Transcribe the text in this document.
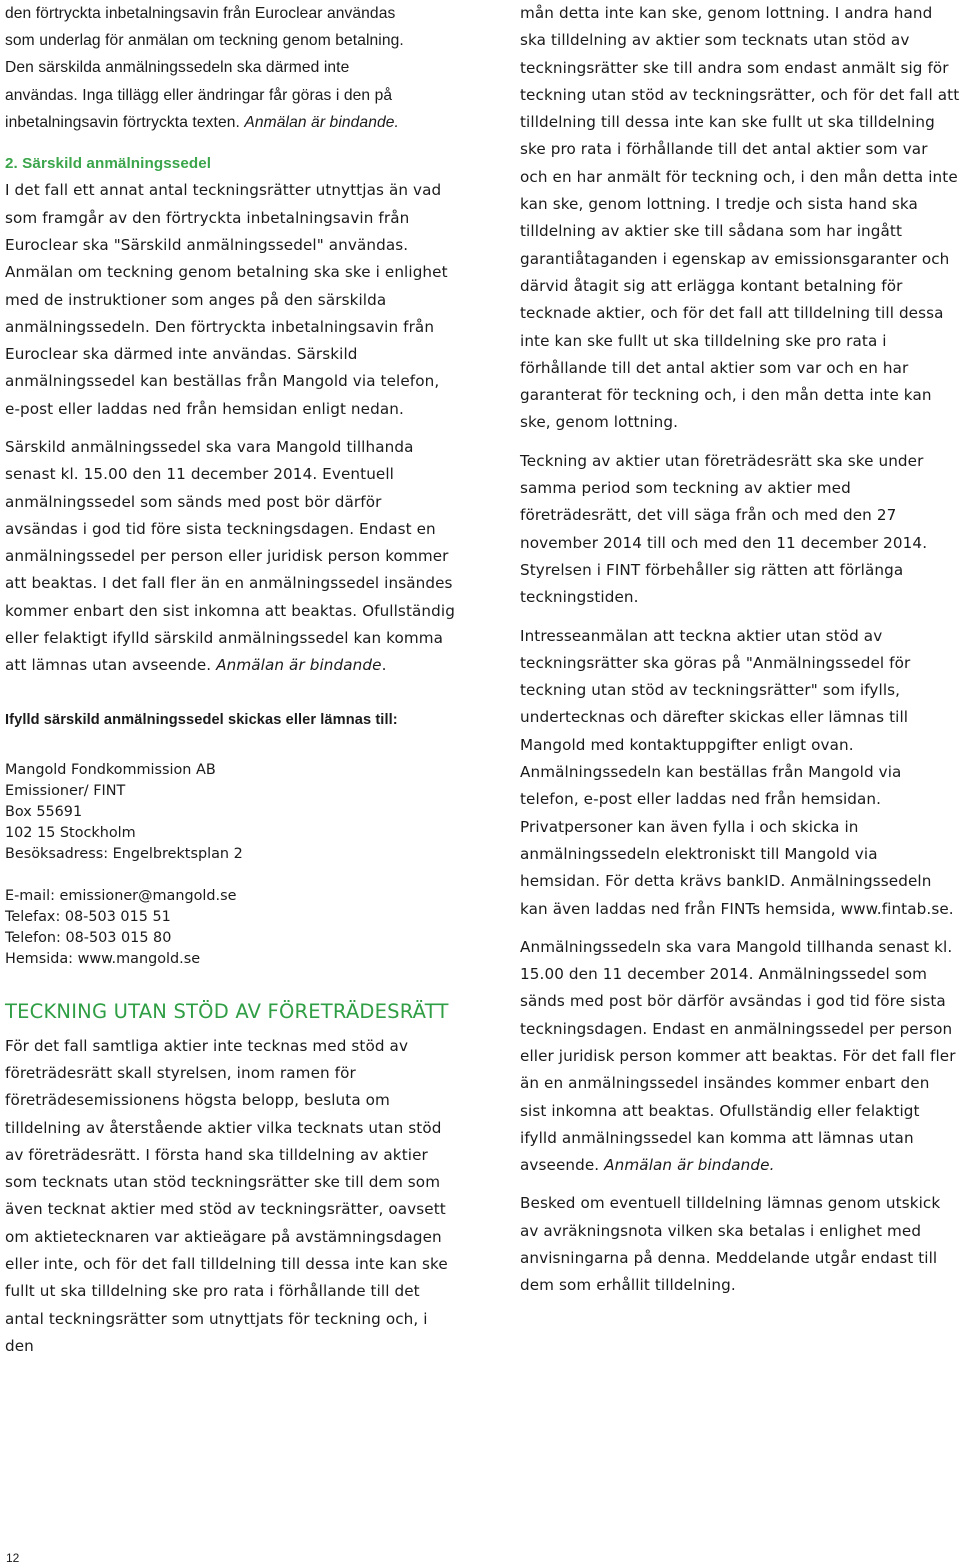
den förtryckta inbetalningsavin från Euroclear användas som underlag för anmälan om teckning genom betalning. Den särskilda anmälningssedeln ska därmed inte användas. Inga tillägg eller ändringar får göras i den på inbetalningsavin förtryckta texten. Anmälan är bindande.

2. Särskild anmälningssedel
I det fall ett annat antal teckningsrätter utnyttjas än vad som framgår av den förtryckta inbetalningsavin från Euroclear ska "Särskild anmälningssedel" användas. Anmälan om teckning genom betalning ska ske i enlighet med de instruktioner som anges på den särskilda anmälningssedeln. Den förtryckta inbetalningsavin från Euroclear ska därmed inte användas. Särskild anmälningssedel kan beställas från Mangold via telefon, e-post eller laddas ned från hemsidan enligt nedan.

Särskild anmälningssedel ska vara Mangold tillhanda senast kl. 15.00 den 11 december 2014. Eventuell anmälningssedel som sänds med post bör därför avsändas i god tid före sista teckningsdagen. Endast en anmälningssedel per person eller juridisk person kommer att beaktas. I det fall fler än en anmälningssedel insändes kommer enbart den sist inkomna att beaktas. Ofullständig eller felaktigt ifylld särskild anmälningssedel kan komma att lämnas utan avseende. Anmälan är bindande.

Ifylld särskild anmälningssedel skickas eller lämnas till:

Mangold Fondkommission AB
Emissioner/ FINT
Box 55691
102 15 Stockholm
Besöksadress: Engelbrektsplan 2
E-mail: emissioner@mangold.se
Telefax: 08-503 015 51
Telefon: 08-503 015 80
Hemsida: www.mangold.se
TECKNING UTAN STÖD AV FÖRETRÄDESRÄTT

För det fall samtliga aktier inte tecknas med stöd av företrädesrätt skall styrelsen, inom ramen för företrädesemissionens högsta belopp, besluta om tilldelning av återstående aktier vilka tecknats utan stöd av företrädesrätt. I första hand ska tilldelning av aktier som tecknats utan stöd teckningsrätter ske till dem som även tecknat aktier med stöd av teckningsrätter, oavsett om aktietecknaren var aktieägare på avstämningsdagen eller inte, och för det fall tilldelning till dessa inte kan ske fullt ut ska tilldelning ske pro rata i förhållande till det antal teckningsrätter som utnyttjats för teckning och, i den

mån detta inte kan ske, genom lottning. I andra hand ska tilldelning av aktier som tecknats utan stöd av teckningsrätter ske till andra som endast anmält sig för teckning utan stöd av teckningsrätter, och för det fall att tilldelning till dessa inte kan ske fullt ut ska tilldelning ske pro rata i förhållande till det antal aktier som var och en har anmält för teckning och, i den mån detta inte kan ske, genom lottning. I tredje och sista hand ska tilldelning av aktier ske till sådana som har ingått garantiåtaganden i egenskap av emissionsgaranter och därvid åtagit sig att erlägga kontant betalning för tecknade aktier, och för det fall att tilldelning till dessa inte kan ske fullt ut ska tilldelning ske pro rata i förhållande till det antal aktier som var och en har garanterat för teckning och, i den mån detta inte kan ske, genom lottning.

Teckning av aktier utan företrädesrätt ska ske under samma period som teckning av aktier med företrädesrätt, det vill säga från och med den 27 november 2014 till och med den 11 december 2014. Styrelsen i FINT förbehåller sig rätten att förlänga teckningstiden.

Intresseanmälan att teckna aktier utan stöd av teckningsrätter ska göras på "Anmälningssedel för teckning utan stöd av teckningsrätter" som ifylls, undertecknas och därefter skickas eller lämnas till Mangold med kontaktuppgifter enligt ovan. Anmälningssedeln kan beställas från Mangold via telefon, e-post eller laddas ned från hemsidan. Privatpersoner kan även fylla i och skicka in anmälningssedeln elektroniskt till Mangold via hemsidan. För detta krävs bankID. Anmälningssedeln kan även laddas ned från FINTs hemsida, www.fintab.se.

Anmälningssedeln ska vara Mangold tillhanda senast kl. 15.00 den 11 december 2014. Anmälningssedel som sänds med post bör därför avsändas i god tid före sista teckningsdagen. Endast en anmälningssedel per person eller juridisk person kommer att beaktas. För det fall fler än en anmälningssedel insändes kommer enbart den sist inkomna att beaktas. Ofullständig eller felaktigt ifylld anmälningssedel kan komma att lämnas utan avseende. Anmälan är bindande.

Besked om eventuell tilldelning lämnas genom utskick av avräkningsnota vilken ska betalas i enlighet med anvisningarna på denna. Meddelande utgår endast till dem som erhållit tilldelning.

12
